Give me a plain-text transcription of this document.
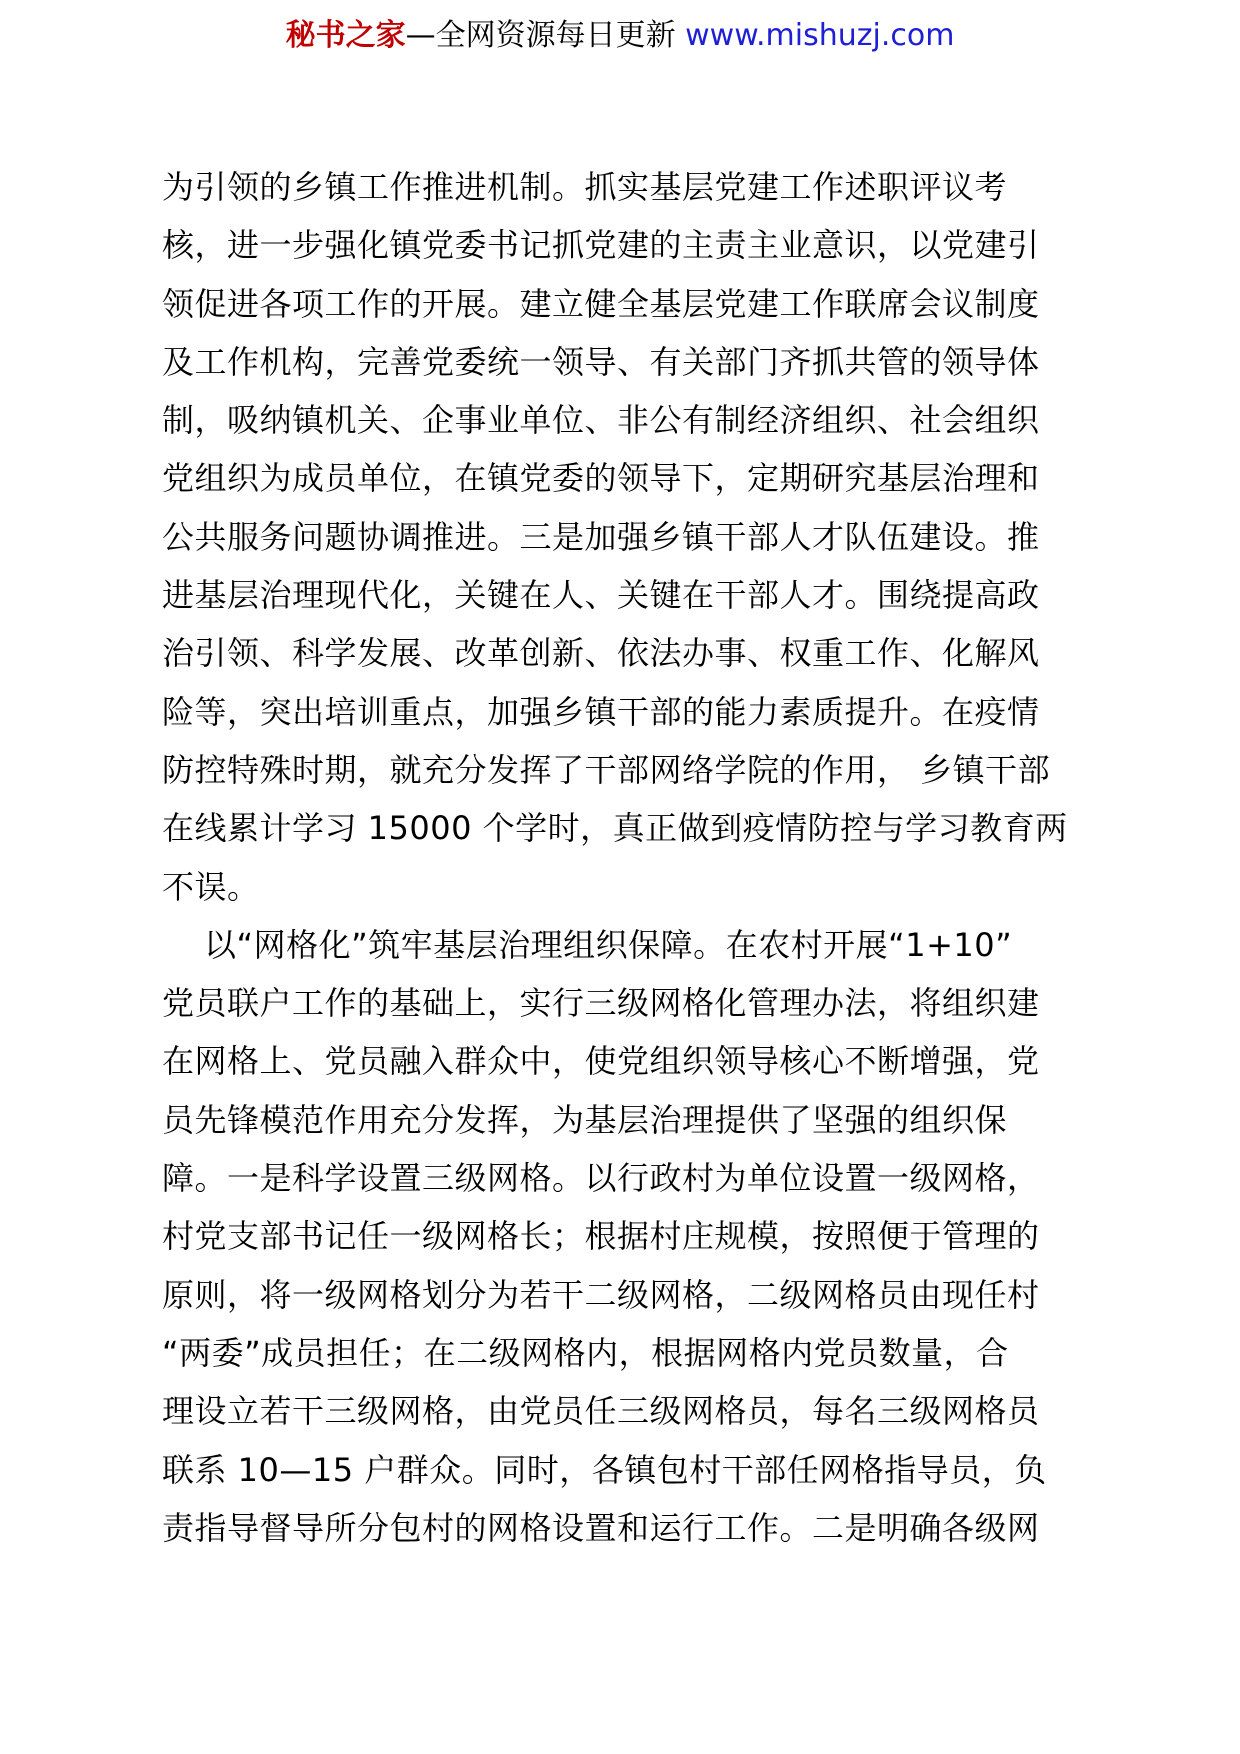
秘书之家—全网资源每日更新 www.mishuzj.com
为引领的乡镇工作推进机制。抓实基层党建工作述职评议考
核，进一步强化镇党委书记抓党建的主责主业意识，以党建引
领促进各项工作的开展。建立健全基层党建工作联席会议制度
及工作机构，完善党委统一领导、有关部门齐抓共管的领导体
制，吸纳镇机关、企事业单位、非公有制经济组织、社会组织
党组织为成员单位，在镇党委的领导下，定期研究基层治理和
公共服务问题协调推进。三是加强乡镇干部人才队伍建设。推
进基层治理现代化，关键在人、关键在干部人才。围绕提高政
治引领、科学发展、改革创新、依法办事、权重工作、化解风
险等，突出培训重点，加强乡镇干部的能力素质提升。在疫情
防控特殊时期，就充分发挥了干部网络学院的作用， 乡镇干部
在线累计学习 15000 个学时，真正做到疫情防控与学习教育两
不误。
以“网格化”筑牢基层治理组织保障。在农村开展“1+10”
党员联户工作的基础上，实行三级网格化管理办法，将组织建
在网格上、党员融入群众中，使党组织领导核心不断增强，党
员先锋模范作用充分发挥，为基层治理提供了坚强的组织保
障。一是科学设置三级网格。以行政村为单位设置一级网格，
村党支部书记任一级网格长；根据村庄规模，按照便于管理的
原则，将一级网格划分为若干二级网格，二级网格员由现任村
“两委”成员担任；在二级网格内，根据网格内党员数量，合
理设立若干三级网格，由党员任三级网格员，每名三级网格员
联系 10—15 户群众。同时，各镇包村干部任网格指导员，负
责指导督导所分包村的网格设置和运行工作。二是明确各级网
